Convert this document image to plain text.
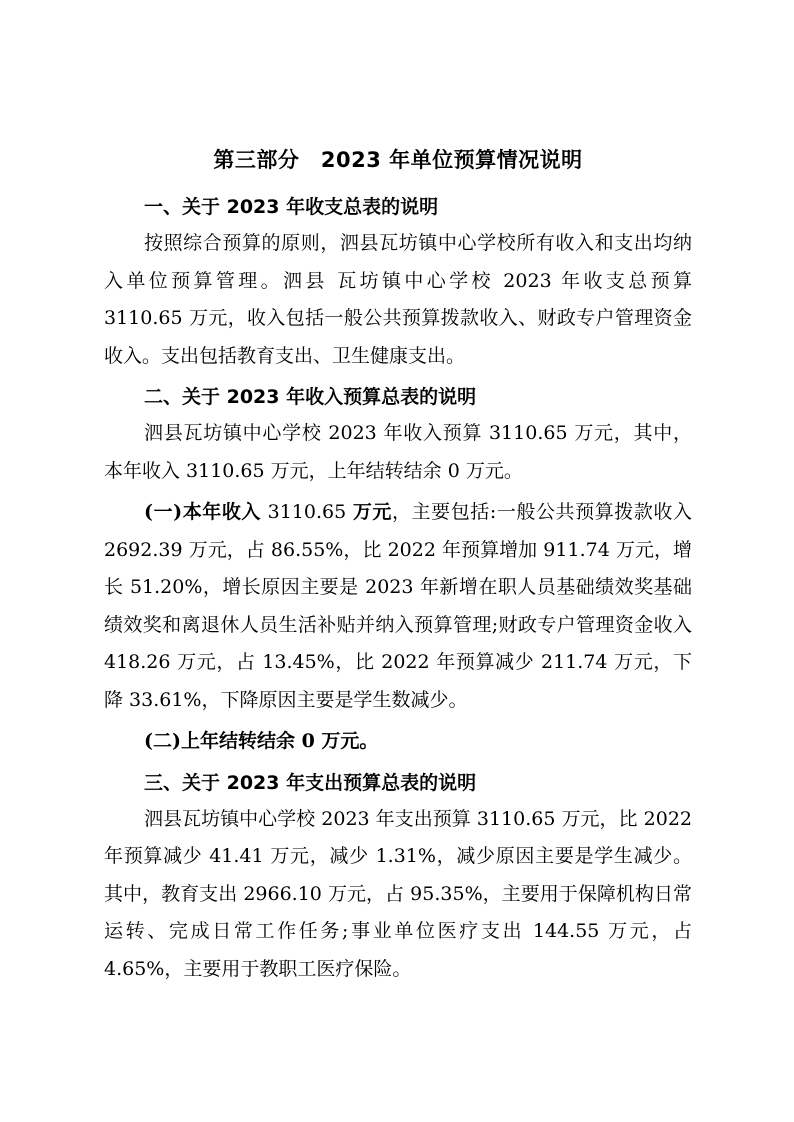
第三部分　2023 年单位预算情况说明
一、关于 2023 年收支总表的说明

按照综合预算的原则，泗县瓦坊镇中心学校所有收入和支出均纳入单位预算管理。泗县 瓦坊镇中心学校 2023 年收支总预算 3110.65 万元，收入包括一般公共预算拨款收入、财政专户管理资金收入。支出包括教育支出、卫生健康支出。

二、关于 2023 年收入预算总表的说明

泗县瓦坊镇中心学校 2023 年收入预算 3110.65 万元，其中，本年收入 3110.65 万元，上年结转结余 0 万元。

(一)本年收入 3110.65 万元，主要包括:一般公共预算拨款收入 2692.39 万元，占 86.55%，比 2022 年预算增加 911.74 万元，增长 51.20%，增长原因主要是 2023 年新增在职人员基础绩效奖基础绩效奖和离退休人员生活补贴并纳入预算管理;财政专户管理资金收入 418.26 万元，占 13.45%，比 2022 年预算减少 211.74 万元，下降 33.61%，下降原因主要是学生数减少。

(二)上年结转结余 0 万元。

三、关于 2023 年支出预算总表的说明

泗县瓦坊镇中心学校 2023 年支出预算 3110.65 万元，比 2022 年预算减少 41.41 万元，减少 1.31%，减少原因主要是学生减少。其中，教育支出 2966.10 万元，占 95.35%，主要用于保障机构日常运转、完成日常工作任务;事业单位医疗支出 144.55 万元，占 4.65%，主要用于教职工医疗保险。
